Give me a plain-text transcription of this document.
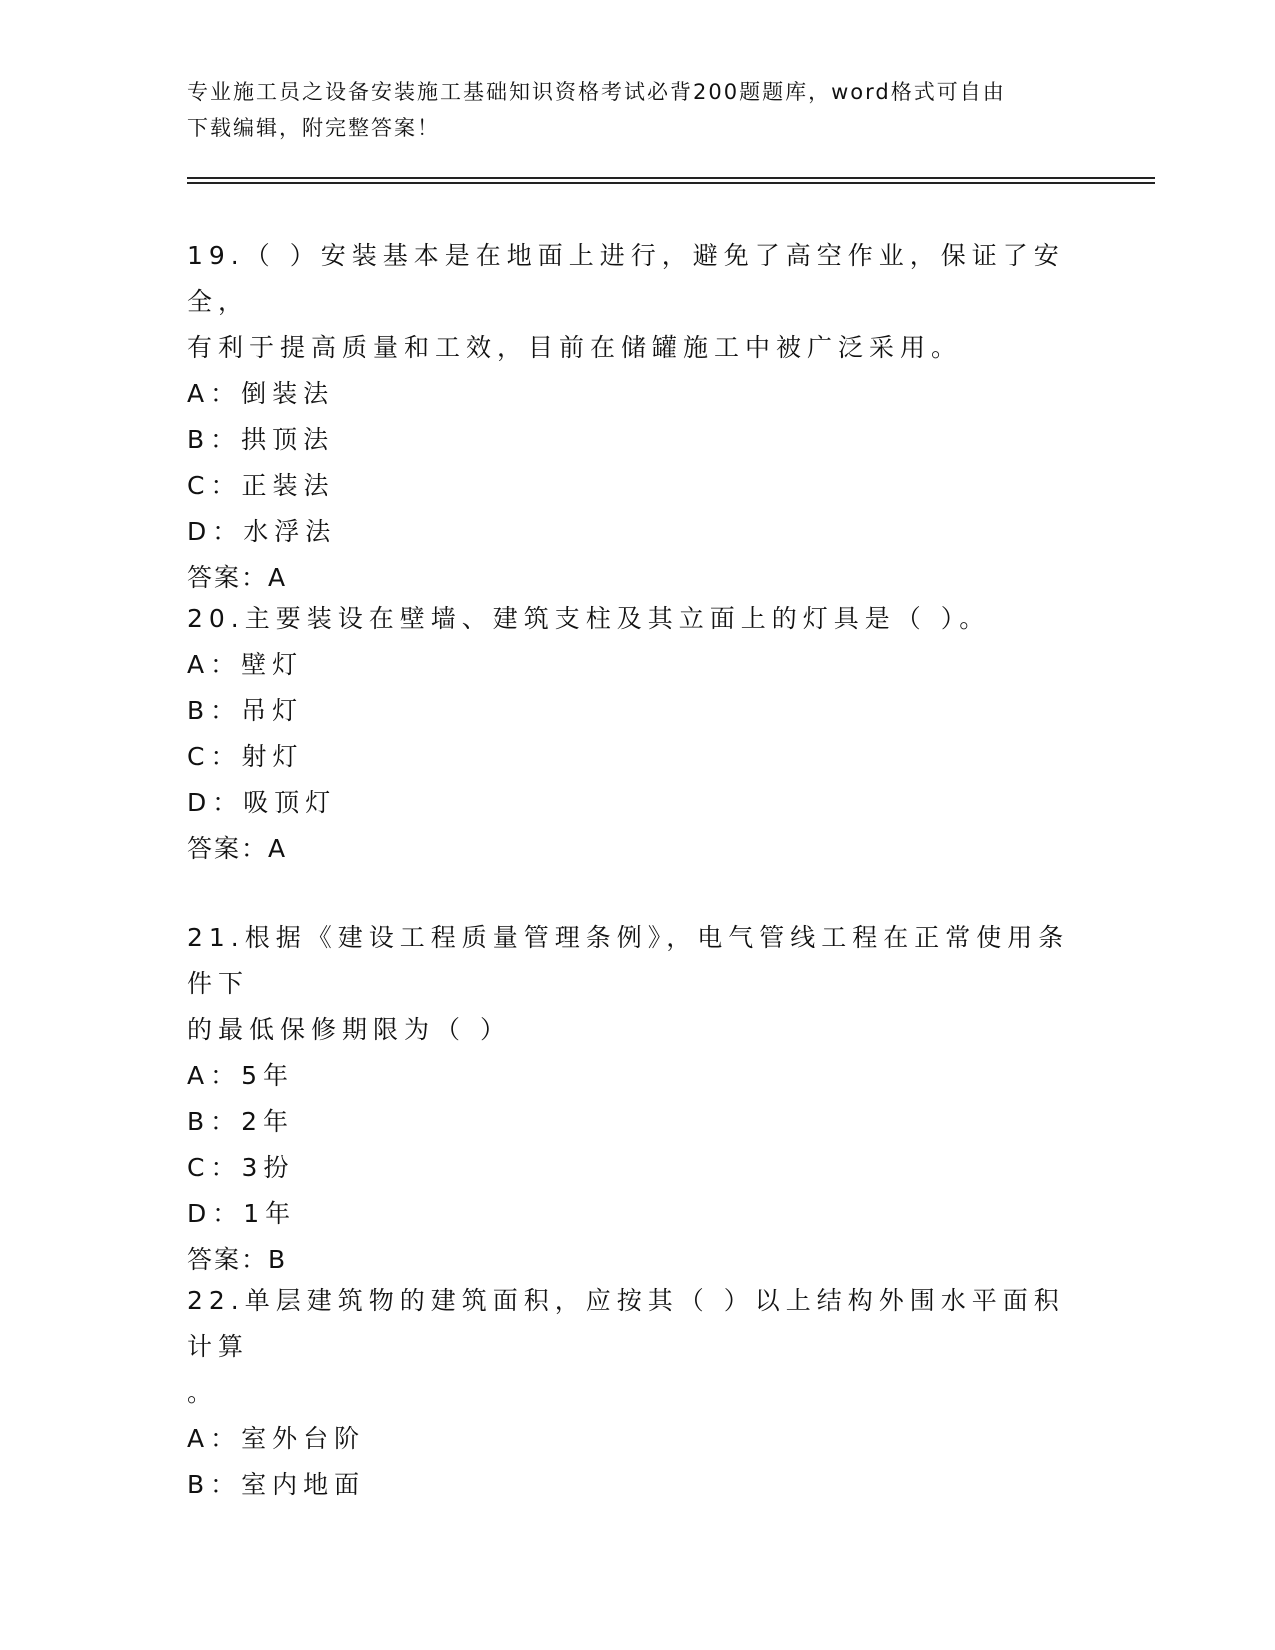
专业施工员之设备安装施工基础知识资格考试必背200题题库，word格式可自由
下载编辑，附完整答案！

19.（ ）安装基本是在地面上进行，避免了高空作业，保证了安全，

有利于提高质量和工效，目前在储罐施工中被广泛采用。

A：倒装法

B：拱顶法

C：正装法

D：水浮法

答案：A

20.主要装设在壁墙、建筑支柱及其立面上的灯具是（ ）。

A：壁灯

B：吊灯

C：射灯

D：吸顶灯

答案：A

21.根据《建设工程质量管理条例》，电气管线工程在正常使用条件下

的最低保修期限为（ ）

A：5年

B：2年

C：3扮

D：1年

答案：B

22.单层建筑物的建筑面积，应按其（ ）以上结构外围水平面积计算

。

A：室外台阶

B：室内地面
